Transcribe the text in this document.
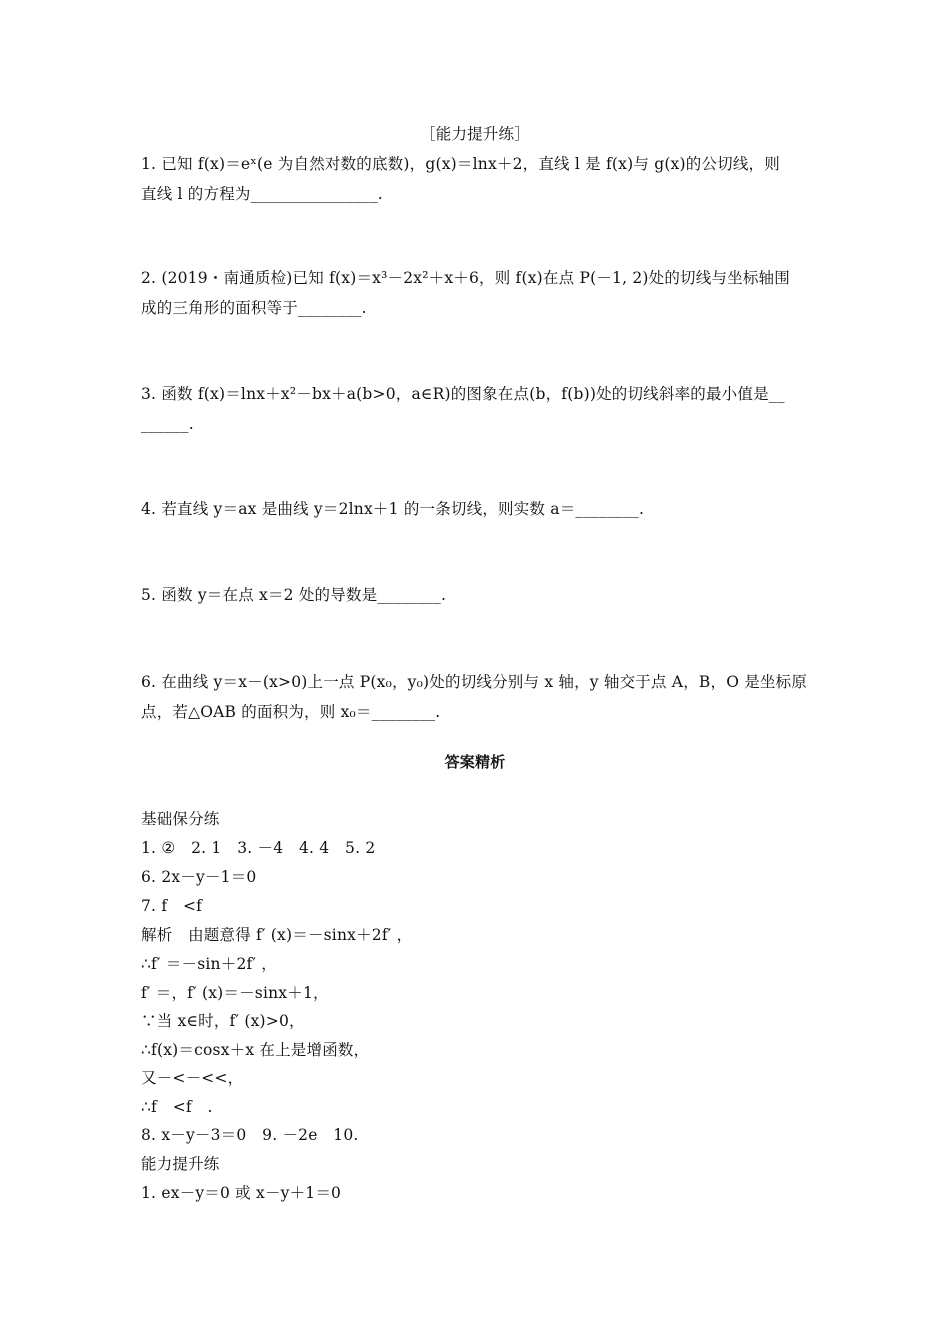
［能力提升练］
1. 已知 f(x)＝eˣ(e 为自然对数的底数)，g(x)＝lnx＋2，直线 l 是 f(x)与 g(x)的公切线，则
直线 l 的方程为________________.
2. (2019・南通质检)已知 f(x)＝x³－2x²＋x＋6，则 f(x)在点 P(－1, 2)处的切线与坐标轴围
成的三角形的面积等于________.
3. 函数 f(x)＝lnx＋x²－bx＋a(b>0，a∈R)的图象在点(b，f(b))处的切线斜率的最小值是__
______.
4. 若直线 y＝ax 是曲线 y＝2lnx＋1 的一条切线，则实数 a＝________.
5. 函数 y＝在点 x＝2 处的导数是________.
6. 在曲线 y＝x－(x>0)上一点 P(x₀，y₀)处的切线分别与 x 轴，y 轴交于点 A，B，O 是坐标原
点，若△OAB 的面积为，则 x₀＝________.
答案精析
基础保分练
1. ②　2. 1　3. －4　4. 4　5. 2
6. 2x－y－1＝0
7. f　<f
解析　由题意得 f′ (x)＝－sinx＋2f′ ，
∴f′ ＝－sin＋2f′ ，
f′ ＝，f′ (x)＝－sinx＋1，
∵当 x∈时，f′ (x)>0，
∴f(x)＝cosx＋x 在上是增函数，
又－<－<<，
∴f　<f　.
8. x－y－3＝0　9. －2e　10.
能力提升练
1. ex－y＝0 或 x－y＋1＝0
